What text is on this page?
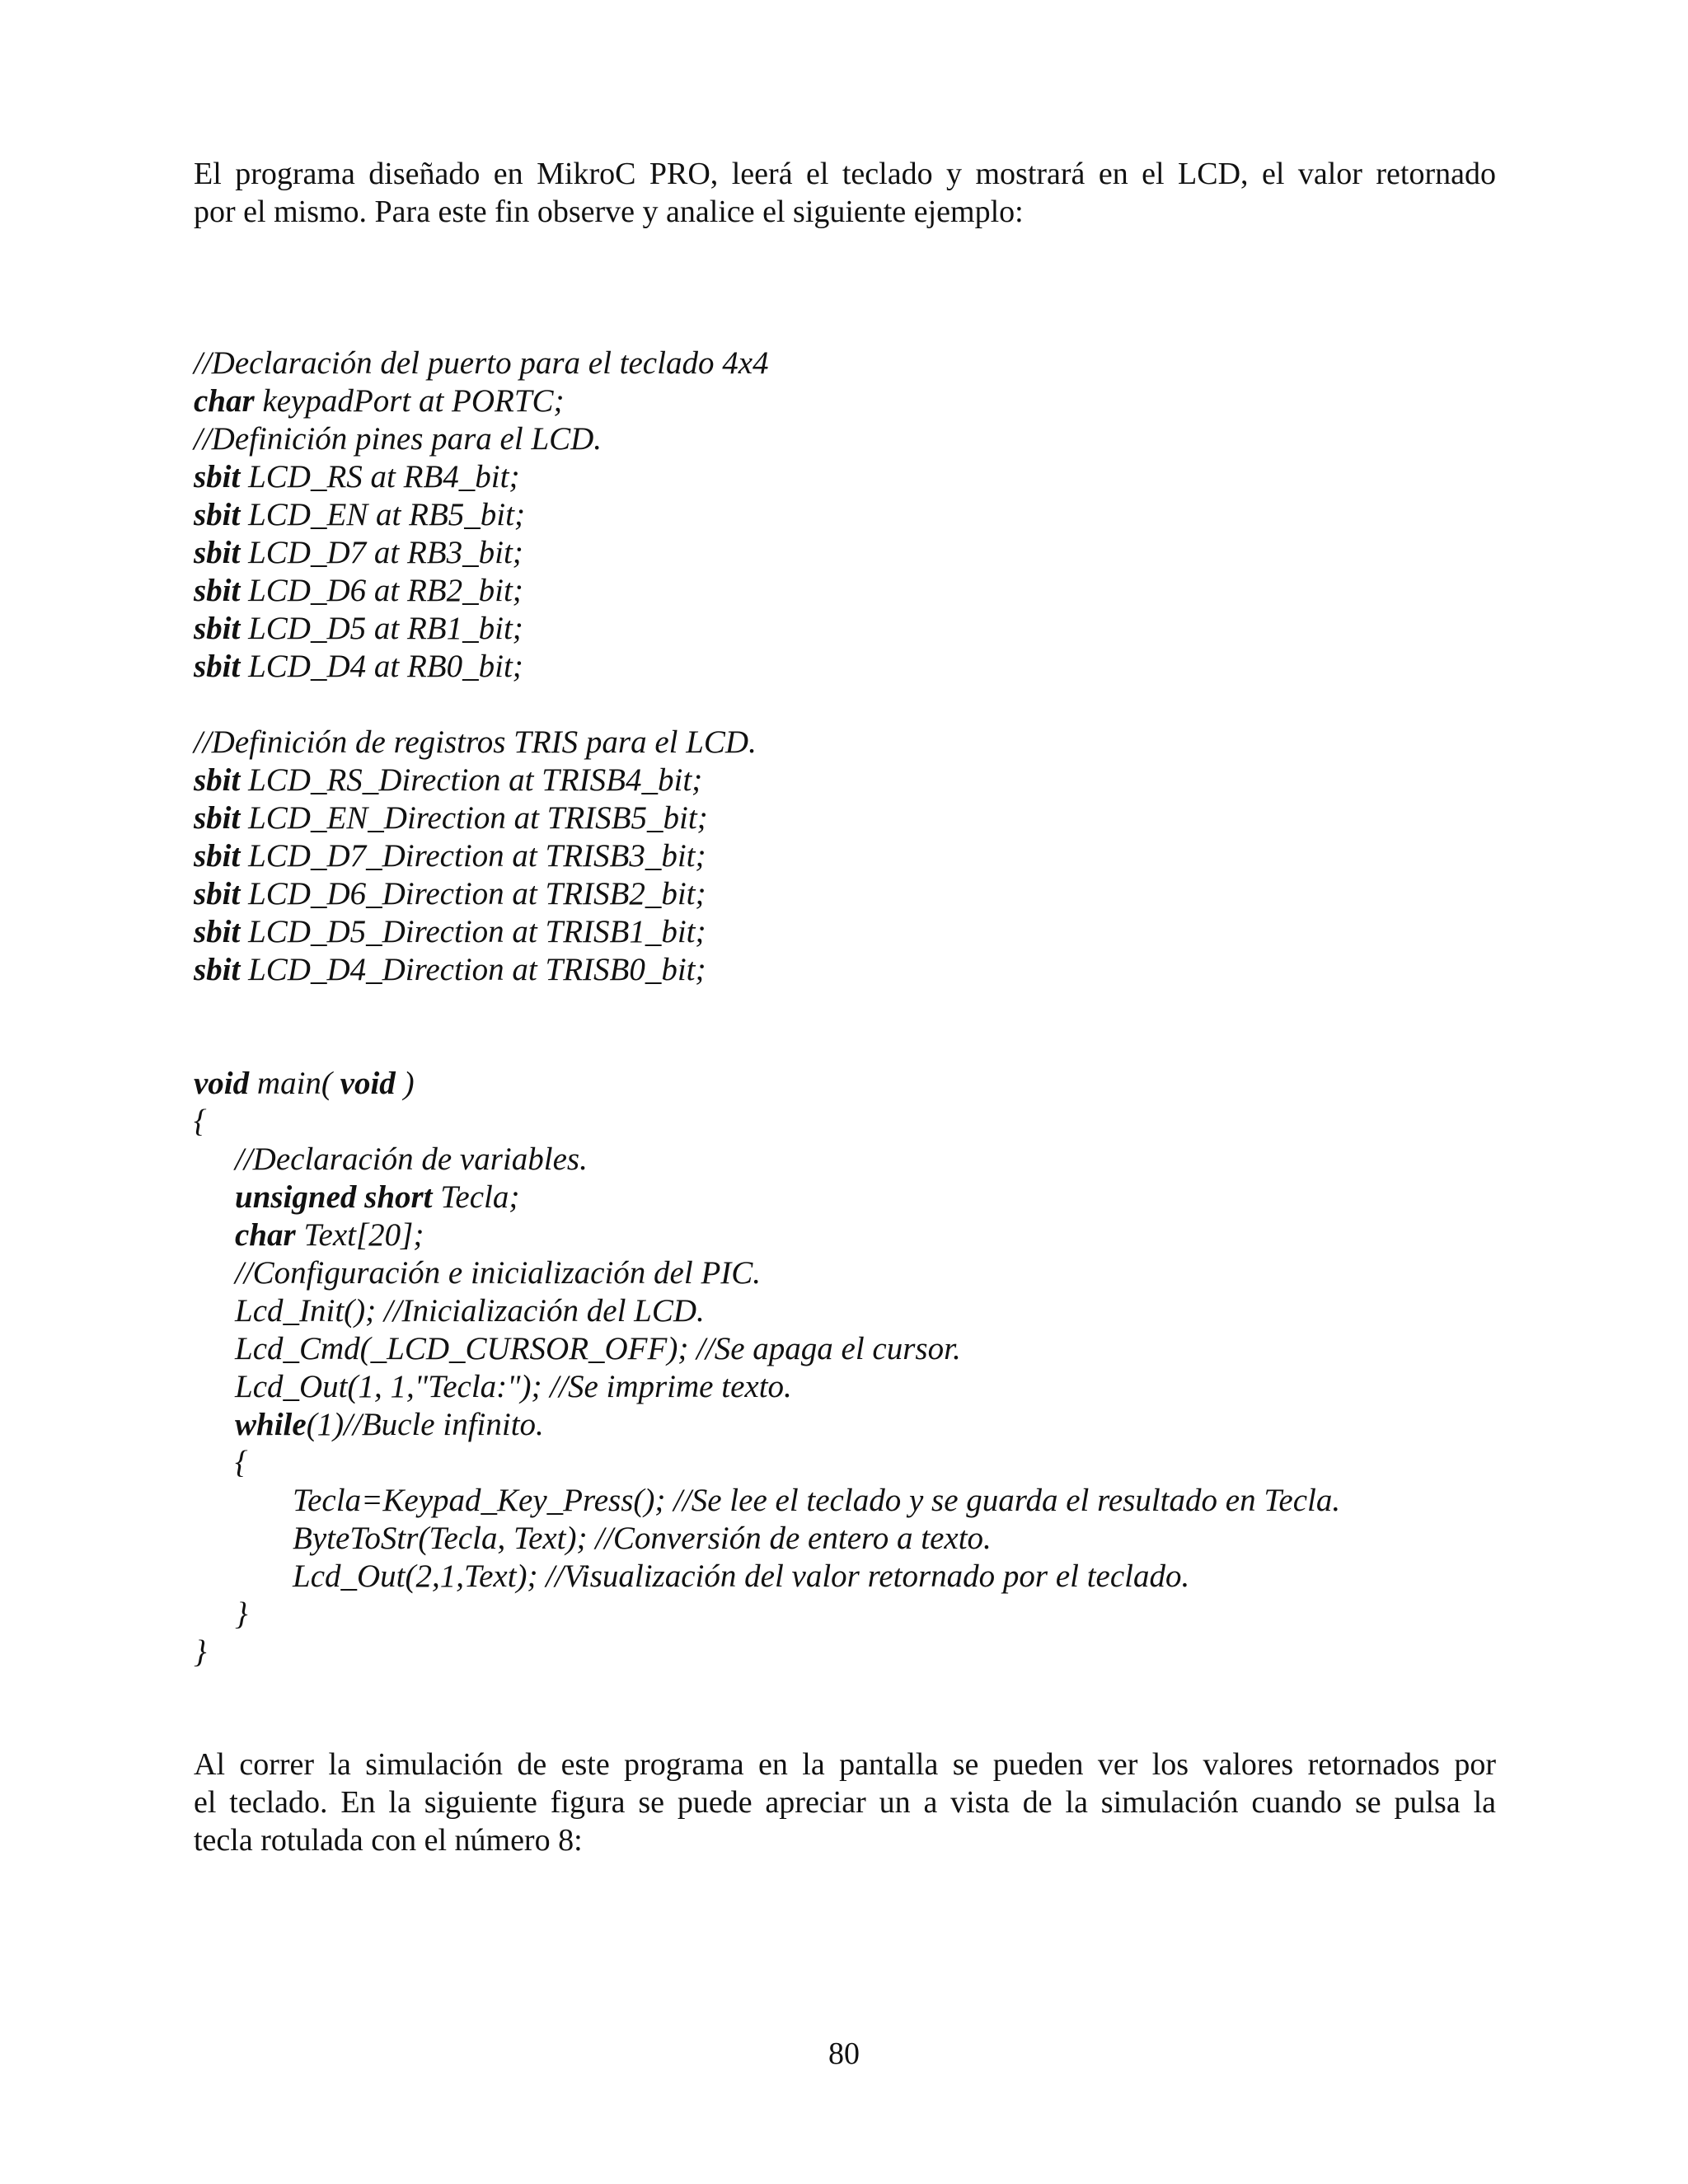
El programa diseñado en MikroC PRO, leerá el teclado y mostrará en el LCD, el valor retornado
por el mismo. Para este fin observe y analice el siguiente ejemplo:

//Declaración del puerto para el teclado 4x4
char keypadPort at PORTC;
//Definición pines para el LCD.
sbit LCD_RS at RB4_bit;
sbit LCD_EN at RB5_bit;
sbit LCD_D7 at RB3_bit;
sbit LCD_D6 at RB2_bit;
sbit LCD_D5 at RB1_bit;
sbit LCD_D4 at RB0_bit;
//Definición de registros TRIS para el LCD.
sbit LCD_RS_Direction at TRISB4_bit;
sbit LCD_EN_Direction at TRISB5_bit;
sbit LCD_D7_Direction at TRISB3_bit;
sbit LCD_D6_Direction at TRISB2_bit;
sbit LCD_D5_Direction at TRISB1_bit;
sbit LCD_D4_Direction at TRISB0_bit;
void main( void )
{
//Declaración de variables.
unsigned short Tecla;
char Text[20];
//Configuración e inicialización del PIC.
Lcd_Init(); //Inicialización del LCD.
Lcd_Cmd(_LCD_CURSOR_OFF); //Se apaga el cursor.
Lcd_Out(1, 1,"Tecla:"); //Se imprime texto.
while(1)//Bucle infinito.
{
Tecla=Keypad_Key_Press(); //Se lee el teclado y se guarda el resultado en Tecla.
ByteToStr(Tecla, Text); //Conversión de entero a texto.
Lcd_Out(2,1,Text); //Visualización del valor retornado por el teclado.
}
}

Al correr la simulación de este programa en la pantalla se pueden ver los valores retornados por
el teclado. En la siguiente figura se puede apreciar un a vista de la simulación cuando se pulsa la
tecla rotulada con el número 8:

80
